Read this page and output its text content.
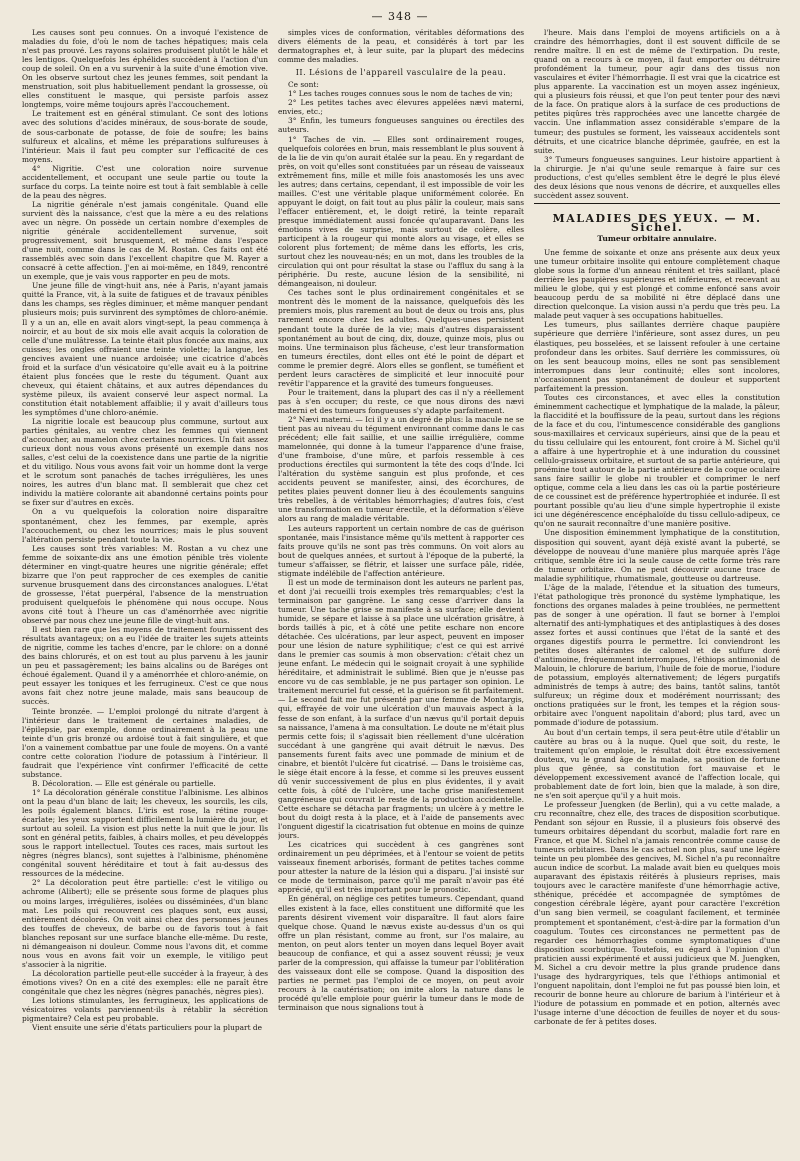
— 348 —

Les causes sont peu connues. On a invoqué l'existence de maladies du foie, d'où le nom de taches hépatiques; mais cela n'est pas prouvé. Les rayons solaires produisent plutôt le hâle et les lentigos. Quelquefois les éphélides succèdent à l'action d'un coup de soleil. On en a vu survenir à la suite d'une émotion vive. On les observe surtout chez les jeunes femmes, soit pendant la menstruation, soit plus habituellement pendant la grossesse, où elles constituent le masque, qui persiste parfois assez longtemps, voire même toujours après l'accouchement.

Le traitement est en général stimulant. Ce sont des lotions avec des solutions d'acides minéraux, de sous-borate de soude, de sous-carbonate de potasse, de foie de soufre; les bains sulfureux et alcalins, et même les préparations sulfureuses à l'intérieur. Mais il faut peu compter sur l'efficacité de ces moyens.

4° Nigritie. C'est une coloration noire survenue accidentellement, et occupant une seule partie ou toute la surface du corps. La teinte noire est tout à fait semblable à celle de la peau des nègres.

La nigritie générale n'est jamais congénitale. Quand elle survient dès la naissance, c'est que la mère a eu des relations avec un nègre. On possède un certain nombre d'exemples de nigritie générale accidentellement survenue, soit progressivement, soit brusquement, et même dans l'espace d'une nuit, comme dans le cas de M. Rostan. Ces faits ont été rassemblés avec soin dans l'excellent chapitre que M. Rayer a consacré à cette affection. J'en ai moi-même, en 1849, rencontré un exemple, que je vais vous rapporter en peu de mots.

Une jeune fille de vingt-huit ans, née à Paris, n'ayant jamais quitté la France, vit, à la suite de fatigues et de travaux pénibles dans les champs, ses règles diminuer, et même manquer pendant plusieurs mois; puis survinrent des symptômes de chloro-anémie. Il y a un an, elle en avait alors vingt-sept, la peau commença à noircir, et au bout de six mois elle avait acquis la coloration de celle d'une mulâtresse. La teinte était plus foncée aux mains, aux cuisses; les ongles offraient une teinte violette; la langue, les gencives avaient une nuance ardoisée; une cicatrice d'abcès froid et la surface d'un vésicatoire qu'elle avait eu à la poitrine étaient plus foncées que le reste du tégument. Quant aux cheveux, qui étaient châtains, et aux autres dépendances du système pileux, ils avaient conservé leur aspect normal. La constitution était notablement affaiblie; il y avait d'ailleurs tous les symptômes d'une chloro-anémie.

La nigritie locale est beaucoup plus commune, surtout aux parties génitales, au ventre chez les femmes qui viennent d'accoucher, au mamelon chez certaines nourrices. Un fait assez curieux dont nous vous avons présenté un exemple dans nos salles, c'est celui de la coexistence dans une partie de la nigritie et du vitiligo. Nous vous avons fait voir un homme dont la verge et le scrotum sont panachés de taches irrégulières, les unes noires, les autres d'un blanc mat. Il semblerait que chez cet individu la matière colorante ait abandonné certains points pour se fixer sur d'autres en excès.

On a vu quelquefois la coloration noire disparaître spontanément, chez les femmes, par exemple, après l'accouchement, ou chez les nourrices; mais le plus souvent l'altération persiste pendant toute la vie.

Les causes sont très variables: M. Rostan a vu chez une femme de soixante-dix ans une émotion pénible très violente déterminer en vingt-quatre heures une nigritie générale; effet bizarre que l'on peut rapprocher de ces exemples de canitie survenue brusquement dans des circonstances analogues. L'état de grossesse, l'état puerpéral, l'absence de la menstruation produisent quelquefois le phénomène qui nous occupe. Nous avons cité tout à l'heure un cas d'aménorrhée avec nigritie observé par nous chez une jeune fille de vingt-huit ans.

Il est bien rare que les moyens de traitement fournissent des résultats avantageux; on a eu l'idée de traiter les sujets atteints de nigritie, comme les taches d'encre, par le chlore: on a donné des bains chlorurés, et on est tout au plus parvenu à les jaunir un peu et passagèrement; les bains alcalins ou de Baréges ont échoué également. Quand il y a aménorrhée et chloro-anémie, on peut essayer les toniques et les ferrugineux. C'est ce que nous avons fait chez notre jeune malade, mais sans beaucoup de succès.

Teinte bronzée. — L'emploi prolongé du nitrate d'argent à l'intérieur dans le traitement de certaines maladies, de l'épilepsie, par exemple, donne ordinairement à la peau une teinte d'un gris bronzé ou ardoisé tout à fait singulière, et que l'on a vainement combattue par une foule de moyens. On a vanté contre cette coloration l'iodure de potassium à l'intérieur. Il faudrait que l'expérience vînt confirmer l'efficacité de cette substance.

B. Décoloration. — Elle est générale ou partielle.

1° La décoloration générale constitue l'albinisme. Les albinos ont la peau d'un blanc de lait; les cheveux, les sourcils, les cils, les poils également blancs. L'iris est rose, la rétine rouge-écarlate; les yeux supportent difficilement la lumière du jour, et surtout au soleil. La vision est plus nette la nuit que le jour. Ils sont en général petits, faibles, à chairs molles, et peu développés sous le rapport intellectuel. Toutes ces races, mais surtout les nègres (nègres blancs), sont sujettes à l'albinisme, phénomène congénital souvent héréditaire et tout à fait au-dessus des ressources de la médecine.

2° La décoloration peut être partielle: c'est le vitiligo ou achrome (Alibert); elle se présente sous forme de plaques plus ou moins larges, irrégulières, isolées ou disséminées, d'un blanc mat. Les poils qui recouvrent ces plaques sont, eux aussi, entièrement décolorés. On voit ainsi chez des personnes jeunes des touffes de cheveux, de barbe ou de favoris tout à fait blanches reposant sur une surface blanche elle-même. Du reste, ni démangeaison ni douleur. Comme nous l'avons dit, et comme nous vous en avons fait voir un exemple, le vitiligo peut s'associer à la nigritie.

La décoloration partielle peut-elle succéder à la frayeur, à des émotions vives? On en a cité des exemples: elle ne paraît être congénitale que chez les nègres (nègres panachés, nègres pies).

Les lotions stimulantes, les ferrugineux, les applications de vésicatoires volants parviennent-ils à rétablir la sécrétion pigmentaire? Cela est peu probable.

Vient ensuite une série d'états particuliers pour la plupart de

simples vices de conformation, véritables déformations des divers éléments de la peau, et considérés à tort par les dermatographes et, à leur suite, par la plupart des médecins comme des maladies.

II. Lésions de l'appareil vasculaire de la peau.

Ce sont:

1° Les taches rouges connues sous le nom de taches de vin;

2° Les petites taches avec élevures appelées nævi materni, envies, etc.;

3° Enfin, les tumeurs fongueuses sanguines ou érectiles des auteurs.

1° Taches de vin. — Elles sont ordinairement rouges, quelquefois colorées en brun, mais ressemblant le plus souvent à de la lie de vin qu'on aurait étalée sur la peau. En y regardant de près, on voit qu'elles sont constituées par un réseau de vaisseaux extrêmement fins, mille et mille fois anastomosés les uns avec les autres; dans certains, cependant, il est impossible de voir les mailles. C'est une véritable plaque uniformément colorée. En appuyant le doigt, on fait tout au plus pâlir la couleur, mais sans l'effacer entièrement, et, le doigt retiré, la teinte reparaît presque immédiatement aussi foncée qu'auparavant. Dans les émotions vives de surprise, mais surtout de colère, elles participent à la rougeur qui monte alors au visage, et elles se colorent plus fortement; de même dans les efforts, les cris, surtout chez les nouveau-nés; en un mot, dans les troubles de la circulation qui ont pour résultat la stase ou l'afflux du sang à la périphérie. Du reste, aucune lésion de la sensibilité, ni démangeaison, ni douleur.

Ces taches sont le plus ordinairement congénitales et se montrent dès le moment de la naissance, quelquefois dès les premiers mois, plus rarement au bout de deux ou trois ans, plus rarement encore chez les adultes. Quelques-unes persistent pendant toute la durée de la vie; mais d'autres disparaissent spontanément au bout de cinq, dix, douze, quinze mois, plus ou moins. Une terminaison plus fâcheuse, c'est leur transformation en tumeurs érectiles, dont elles ont été le point de départ et comme le premier degré. Alors elles se gonflent, se tuméfient et perdent leurs caractères de simplicité et leur innocuité pour revêtir l'apparence et la gravité des tumeurs fongueuses.

Pour le traitement, dans la plupart des cas il n'y a réellement pas à s'en occuper; du reste, ce que nous dirons des nævi materni et des tumeurs fongueuses s'y adapte parfaitement.

2° Nævi materni. — Ici il y a un degré de plus: la macule ne se tient pas au niveau du tégument environnant comme dans le cas précédent; elle fait saillie, et une saillie irrégulière, comme mamelonnée, qui donne à la tumeur l'apparence d'une fraise, d'une framboise, d'une mûre, et parfois ressemble à ces productions érectiles qui surmontent la tête des coqs d'Inde. Ici l'altération du système sanguin est plus profonde, et ces accidents peuvent se manifester, ainsi, des écorchures, de petites plaies peuvent donner lieu à des écoulements sanguins très rebelles, à de véritables hémorrhagies; d'autres fois, c'est une transformation en tumeur érectile, et la déformation s'élève alors au rang de maladie véritable.

Les auteurs rapportent un certain nombre de cas de guérison spontanée, mais l'insistance même qu'ils mettent à rapporter ces faits prouve qu'ils ne sont pas très communs. On voit alors au bout de quelques années, et surtout à l'époque de la puberté, la tumeur s'affaisser, se flétrir, et laisser une surface pâle, ridée, stigmate indélébile de l'affection antérieure.

Il est un mode de terminaison dont les auteurs ne parlent pas, et dont j'ai recueilli trois exemples très remarquables; c'est la terminaison par gangrène. Le sang cesse d'arriver dans la tumeur. Une tache grise se manifeste à sa surface; elle devient humide, se sépare et laisse à sa place une ulcération grisâtre, à bords taillés à pic, et à côté une petite eschare non encore détachée. Ces ulcérations, par leur aspect, peuvent en imposer pour une lésion de nature syphilitique; c'est ce qui est arrivé dans le premier cas soumis à mon observation: c'était chez un jeune enfant. Le médecin qui le soignait croyait à une syphilide héréditaire, et administrait le sublimé. Bien que je n'eusse pas encore vu de cas semblable, je ne pus partager son opinion. Le traitement mercuriel fut cessé, et la guérison se fit parfaitement. — Le second fait me fut présenté par une femme de Montargis, qui, effrayée de voir une ulcération d'un mauvais aspect à la fesse de son enfant, à la surface d'un nævus qu'il portait depuis sa naissance, l'amena à ma consultation. Le doute ne m'était plus permis cette fois; il s'agissait bien réellement d'une ulcération succédant à une gangrène qui avait détruit le nævus. Des pansements furent faits avec une pommade de minium et de cinabre, et bientôt l'ulcère fut cicatrisé. — Dans le troisième cas, le siège était encore à la fesse, et comme si les preuves eussent dû venir successivement de plus en plus évidentes, il y avait cette fois, à côté de l'ulcère, une tache grise manifestement gangréneuse qui couvrait le reste de la production accidentelle. Cette eschare se détacha par fragments; un ulcère à y mettre le bout du doigt resta à la place, et à l'aide de pansements avec l'onguent digestif la cicatrisation fut obtenue en moins de quinze jours.

Les cicatrices qui succèdent à ces gangrènes sont ordinairement un peu déprimées, et à l'entour se voient de petits vaisseaux finement arborisés, formant de petites taches comme pour attester la nature de la lésion qui a disparu. J'ai insisté sur ce mode de terminaison, parce qu'il me paraît n'avoir pas été apprécié, qu'il est très important pour le pronostic.

En général, on néglige ces petites tumeurs. Cependant, quand elles existent à la face, elles constituent une difformité que les parents désirent vivement voir disparaître. Il faut alors faire quelque chose. Quand le nævus existe au-dessus d'un os qui offre un plan résistant, comme au front, sur l'os malaire, au menton, on peut alors tenter un moyen dans lequel Boyer avait beaucoup de confiance, et qui a assez souvent réussi; je veux parler de la compression, qui affaisse la tumeur par l'oblitération des vaisseaux dont elle se compose. Quand la disposition des parties ne permet pas l'emploi de ce moyen, on peut avoir recours à la cautérisation; on imite alors la nature dans le procédé qu'elle emploie pour guérir la tumeur dans le mode de terminaison que nous signalions tout à

l'heure. Mais dans l'emploi de moyens artificiels on a à craindre des hémorrhagies, dont il est souvent difficile de se rendre maître. Il en est de même de l'extirpation. Du reste, quand on a recours à ce moyen, il faut emporter ou détruire profondément la tumeur, pour agir dans des tissus non vasculaires et éviter l'hémorrhagie. Il est vrai que la cicatrice est plus apparente. La vaccination est un moyen assez ingénieux, qui a plusieurs fois réussi, et que l'on peut tenter pour des nævi de la face. On pratique alors à la surface de ces productions de petites piqûres très rapprochées avec une lancette chargée de vaccin. Une inflammation assez considérable s'empare de la tumeur; des pustules se forment, les vaisseaux accidentels sont détruits, et une cicatrice blanche déprimée, gaufrée, en est la suite.

3° Tumeurs fongueuses sanguines. Leur histoire appartient à la chirurgie. Je n'ai qu'une seule remarque à faire sur ces productions, c'est qu'elles semblent être le degré le plus élevé des deux lésions que nous venons de décrire, et auxquelles elles succèdent assez souvent.

MALADIES DES YEUX. — M. Sichel.

Tumeur orbitaire annulaire.

Une femme de soixante et onze ans présente aux deux yeux une tumeur orbitaire insolite qui entoure complètement chaque globe sous la forme d'un anneau rénitent et très saillant, placé derrière les paupières supérieures et inférieures, et recevant au milieu le globe, qui y est plongé et comme enfoncé sans avoir beaucoup perdu de sa mobilité ni être déplacé dans une direction quelconque. La vision aussi n'a perdu que très peu. La malade peut vaquer à ses occupations habituelles.

Les tumeurs, plus saillantes derrière chaque paupière supérieure que derrière l'inférieure, sont assez dures, un peu élastiques, peu bosselées, et se laissent refouler à une certaine profondeur dans les orbites. Sauf derrière les commissures, où on les sent beaucoup moins, elles ne sont pas sensiblement interrompues dans leur continuité; elles sont incolores, n'occasionnent pas spontanément de douleur et supportent parfaitement la pression.

Toutes ces circonstances, et avec elles la constitution éminemment cachectique et lymphatique de la malade, la pâleur, la flaccidité et la bouffissure de la peau, surtout dans les régions de la face et du cou, l'intumescence considérable des ganglions sous-maxillaires et cervicaux supérieurs, ainsi que de la peau et du tissu cellulaire qui les entourent, font croire à M. Sichel qu'il a affaire à une hypertrophie et à une induration du coussinet cellulo-graisseux orbitaire, et surtout de sa partie antérieure, qui proémine tout autour de la partie antérieure de la coque oculaire sans faire saillir le globe ni troubler et comprimer le nerf optique, comme cela a lieu dans les cas où la partie postérieure de ce coussinet est de préférence hypertrophiée et indurée. Il est pourtant possible qu'au lieu d'une simple hypertrophie il existe ici une dégénérescence encéphaloïde du tissu cellulo-adipeux, ce qu'on ne saurait reconnaître d'une manière positive.

Une disposition éminemment lymphatique de la constitution, disposition qui souvent, ayant déjà existé avant la puberté, se développe de nouveau d'une manière plus marquée après l'âge critique, semble être ici la seule cause de cette forme très rare de tumeur orbitaire. On ne peut découvrir aucune trace de maladie syphilitique, rhumatismale, goutteuse ou dartreuse.

L'âge de la malade, l'étendue et la situation des tumeurs, l'état pathologique très prononcé du système lymphatique, les fonctions des organes malades à peine troublées, ne permettent pas de songer à une opération. Il faut se borner à l'emploi alternatif des anti-lymphatiques et des antiplastiques à des doses assez fortes et aussi continues que l'état de la santé et des organes digestifs pourra le permettre. Ici conviendront les petites doses altérantes de calomel et de sulfure doré d'antimoine, fréquemment interrompues, l'éthiops antimonial de Malouin, le chlorure de barium, l'huile de foie de morue, l'iodure de potassium, employés alternativement; de légers purgatifs administrés de temps à autre; des bains, tantôt salins, tantôt sulfureux; un régime doux et modérément nourrissant; des onctions pratiquées sur le front, les tempes et la région sous-orbitaire avec l'onguent napolitain d'abord; plus tard, avec un pommade d'iodure de potassium.

Au bout d'un certain temps, il sera peut-être utile d'établir un cautère au bras ou à la nuque. Quel que soit, du reste, le traitement qu'on emploie, le résultat doit être excessivement douteux, vu le grand âge de la malade, sa position de fortune plus que gênée, sa constitution fort mauvaise et le développement excessivement avancé de l'affection locale, qui probablement date de fort loin, bien que la malade, à son dire, ne s'en soit aperçue qu'il y a huit mois.

Le professeur Juengken (de Berlin), qui a vu cette malade, a cru reconnaître, chez elle, des traces de disposition scorbutique. Pendant son séjour en Russie, il a plusieurs fois observé des tumeurs orbitaires dépendant du scorbut, maladie fort rare en France, et que M. Sichel n'a jamais rencontrée comme cause de tumeurs orbitaires. Dans le cas actuel non plus, sauf une légère teinte un peu plombée des gencives, M. Sichel n'a pu reconnaître aucun indice de scorbut. La malade avait bien eu quelques mois auparavant des épistaxis réitérés à plusieurs reprises, mais toujours avec le caractère manifeste d'une hémorrhagie active, sthénique, précédée et accompagnée de symptômes de congestion cérébrale légère, ayant pour caractère l'excrétion d'un sang bien vermeil, se coagulant facilement, et terminée promptement et spontanément, c'est-à-dire par la formation d'un coagulum. Toutes ces circonstances ne permettent pas de regarder ces hémorrhagies comme symptomatiques d'une disposition scorbutique. Toutefois, eu égard à l'opinion d'un praticien aussi expérimenté et aussi judicieux que M. Juengken, M. Sichel a cru devoir mettre la plus grande prudence dans l'usage des hydrargyriques, tels que l'éthiops antimonial et l'onguent napolitain, dont l'emploi ne fut pas poussé bien loin, et recourir de bonne heure au chlorure de barium à l'intérieur et à l'iodure de potassium en pommade et en potion, alternés avec l'usage interne d'une décoction de feuilles de noyer et du sous-carbonate de fer à petites doses.
